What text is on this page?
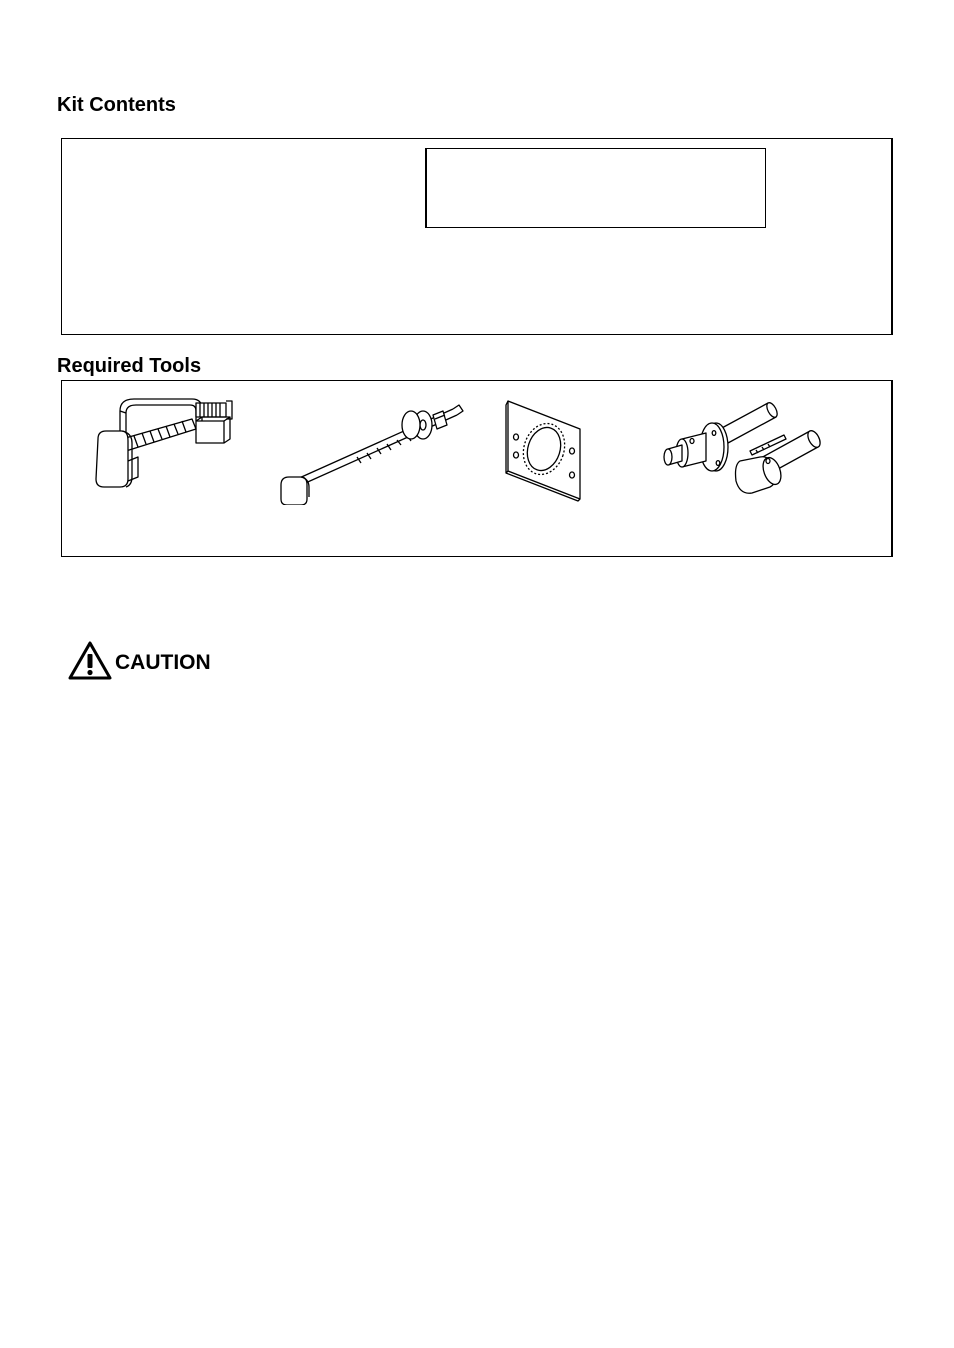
Kit Contents
Required Tools
CAUTION
